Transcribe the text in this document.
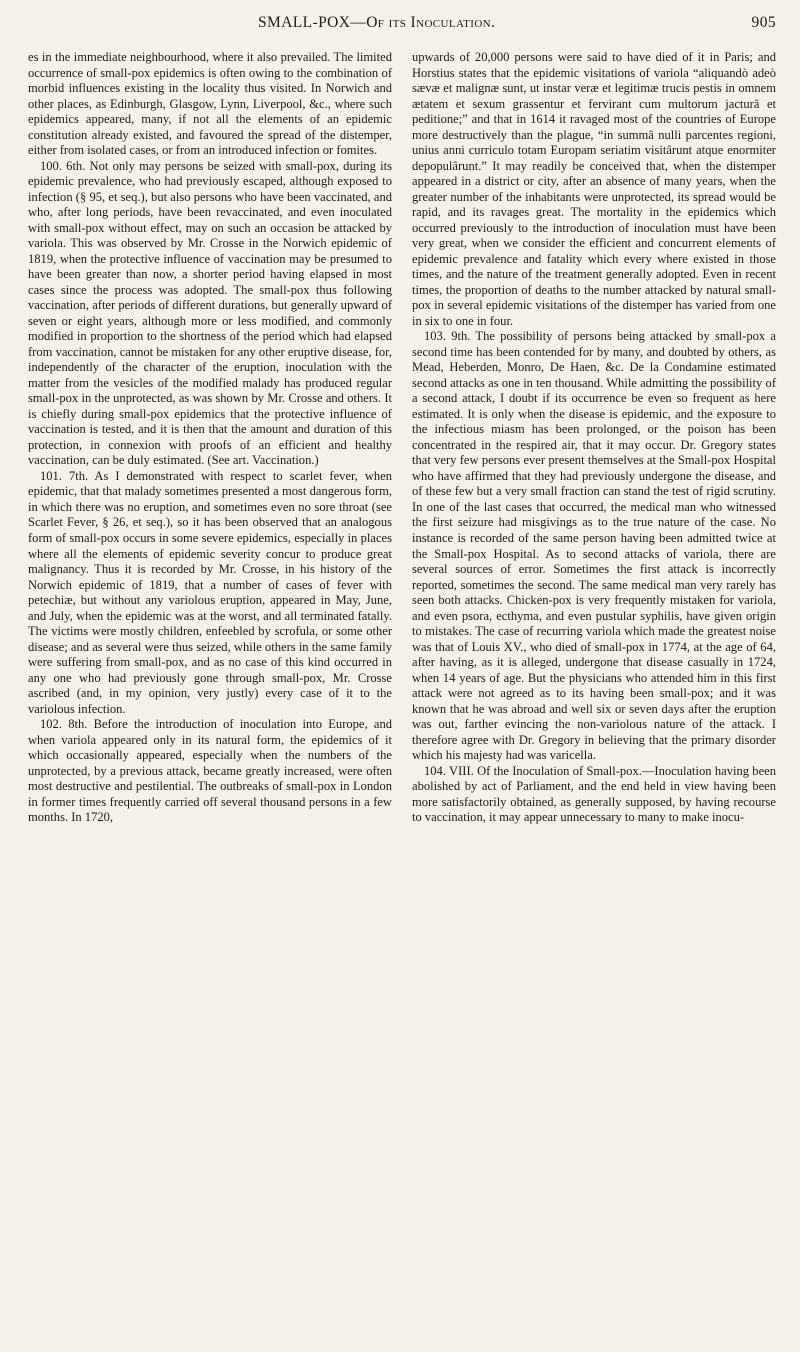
SMALL-POX—Of its Inoculation.	905

es in the immediate neighbourhood, where it also prevailed. The limited occurrence of small-pox epidemics is often owing to the combination of morbid influences existing in the locality thus visited. In Norwich and other places, as Edinburgh, Glasgow, Lynn, Liverpool, &c., where such epidemics appeared, many, if not all the elements of an epidemic constitution already existed, and favoured the spread of the distemper, either from isolated cases, or from an introduced infection or fomites.

100. 6th. Not only may persons be seized with small-pox, during its epidemic prevalence, who had previously escaped, although exposed to infection (§ 95, et seq.), but also persons who have been vaccinated, and who, after long periods, have been revaccinated, and even inoculated with small-pox without effect, may on such an occasion be attacked by variola. This was observed by Mr. Crosse in the Norwich epidemic of 1819, when the protective influence of vaccination may be presumed to have been greater than now, a shorter period having elapsed in most cases since the process was adopted. The small-pox thus following vaccination, after periods of different durations, but generally upward of seven or eight years, although more or less modified, and commonly modified in proportion to the shortness of the period which had elapsed from vaccination, cannot be mistaken for any other eruptive disease, for, independently of the character of the eruption, inoculation with the matter from the vesicles of the modified malady has produced regular small-pox in the unprotected, as was shown by Mr. Crosse and others. It is chiefly during small-pox epidemics that the protective influence of vaccination is tested, and it is then that the amount and duration of this protection, in connexion with proofs of an efficient and healthy vaccination, can be duly estimated. (See art. Vaccination.)

101. 7th. As I demonstrated with respect to scarlet fever, when epidemic, that that malady sometimes presented a most dangerous form, in which there was no eruption, and sometimes even no sore throat (see Scarlet Fever, § 26, et seq.), so it has been observed that an analogous form of small-pox occurs in some severe epidemics, especially in places where all the elements of epidemic severity concur to produce great malignancy. Thus it is recorded by Mr. Crosse, in his history of the Norwich epidemic of 1819, that a number of cases of fever with petechiæ, but without any variolous eruption, appeared in May, June, and July, when the epidemic was at the worst, and all terminated fatally. The victims were mostly children, enfeebled by scrofula, or some other disease; and as several were thus seized, while others in the same family were suffering from small-pox, and as no case of this kind occurred in any one who had previously gone through small-pox, Mr. Crosse ascribed (and, in my opinion, very justly) every case of it to the variolous infection.

102. 8th. Before the introduction of inoculation into Europe, and when variola appeared only in its natural form, the epidemics of it which occasionally appeared, especially when the numbers of the unprotected, by a previous attack, became greatly increased, were often most destructive and pestilential. The outbreaks of small-pox in London in former times frequently carried off several thousand persons in a few months. In 1720,

upwards of 20,000 persons were said to have died of it in Paris; and Horstius states that the epidemic visitations of variola “aliquandò adeò sævæ et malignæ sunt, ut instar veræ et legitimæ trucis pestis in omnem ætatem et sexum grassentur et fervirant cum multorum jacturâ et peditione;” and that in 1614 it ravaged most of the countries of Europe more destructively than the plague, “in summâ nulli parcentes regioni, unius anni curriculo totam Europam seriatim visitârunt atque enormiter depopulârunt.” It may readily be conceived that, when the distemper appeared in a district or city, after an absence of many years, when the greater number of the inhabitants were unprotected, its spread would be rapid, and its ravages great. The mortality in the epidemics which occurred previously to the introduction of inoculation must have been very great, when we consider the efficient and concurrent elements of epidemic prevalence and fatality which every where existed in those times, and the nature of the treatment generally adopted. Even in recent times, the proportion of deaths to the number attacked by natural small-pox in several epidemic visitations of the distemper has varied from one in six to one in four.

103. 9th. The possibility of persons being attacked by small-pox a second time has been contended for by many, and doubted by others, as Mead, Heberden, Monro, De Haen, &c. De la Condamine estimated second attacks as one in ten thousand. While admitting the possibility of a second attack, I doubt if its occurrence be even so frequent as here estimated. It is only when the disease is epidemic, and the exposure to the infectious miasm has been prolonged, or the poison has been concentrated in the respired air, that it may occur. Dr. Gregory states that very few persons ever present themselves at the Small-pox Hospital who have affirmed that they had previously undergone the disease, and of these few but a very small fraction can stand the test of rigid scrutiny. In one of the last cases that occurred, the medical man who witnessed the first seizure had misgivings as to the true nature of the case. No instance is recorded of the same person having been admitted twice at the Small-pox Hospital. As to second attacks of variola, there are several sources of error. Sometimes the first attack is incorrectly reported, sometimes the second. The same medical man very rarely has seen both attacks. Chicken-pox is very frequently mistaken for variola, and even psora, ecthyma, and even pustular syphilis, have given origin to mistakes. The case of recurring variola which made the greatest noise was that of Louis XV., who died of small-pox in 1774, at the age of 64, after having, as it is alleged, undergone that disease casually in 1724, when 14 years of age. But the physicians who attended him in this first attack were not agreed as to its having been small-pox; and it was known that he was abroad and well six or seven days after the eruption was out, farther evincing the non-variolous nature of the attack. I therefore agree with Dr. Gregory in believing that the primary disorder which his majesty had was varicella.

104. VIII. Of the Inoculation of Small-pox.—Inoculation having been abolished by act of Parliament, and the end held in view having been more satisfactorily obtained, as generally supposed, by having recourse to vaccination, it may appear unnecessary to many to make inocu-
